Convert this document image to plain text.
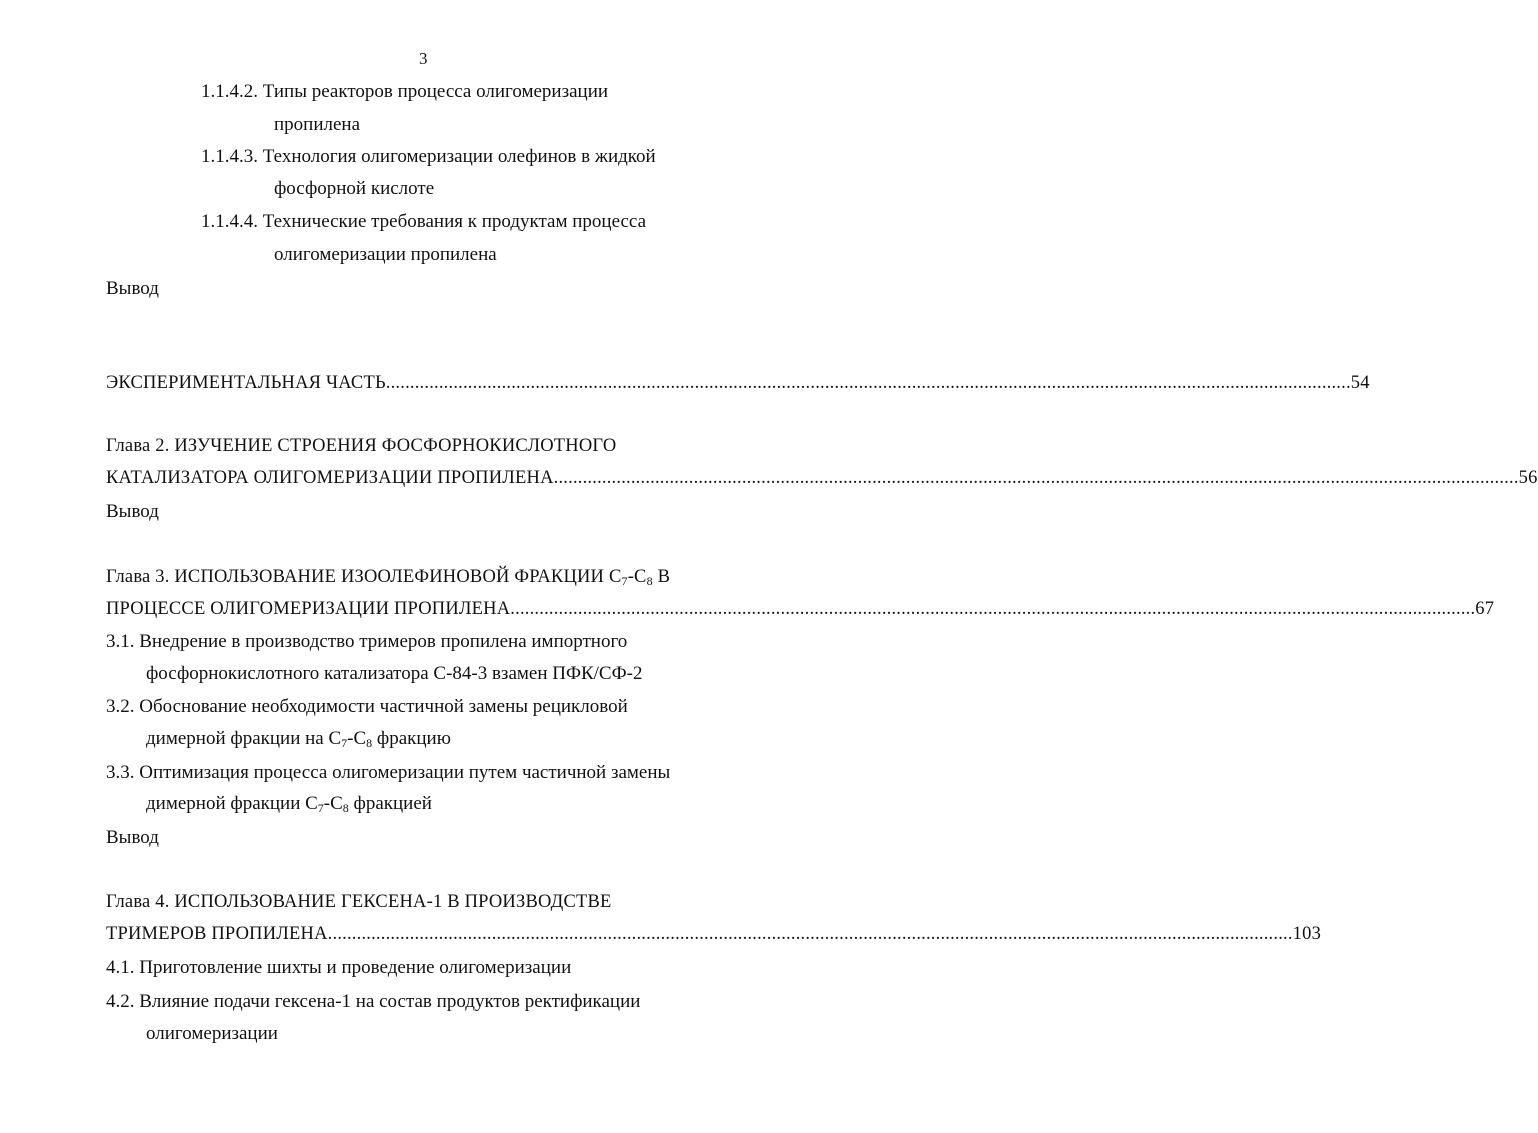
3
1.1.4.2. Типы реакторов процесса олигомеризации
пропилена
1.1.4.3. Технология олигомеризации олефинов в жидкой
фосфорной кислоте
1.1.4.4. Технические требования к продуктам процесса
олигомеризации пропилена
Вывод
ЭКСПЕРИМЕНТАЛЬНАЯ ЧАСТЬ ........................................................................................................................................................................................................ 54
Глава 2. ИЗУЧЕНИЕ СТРОЕНИЯ ФОСФОРНОКИСЛОТНОГО
КАТАЛИЗАТОРА ОЛИГОМЕРИЗАЦИИ ПРОПИЛЕНА ........................................................................................................................................................................................................ 56
Вывод
Глава 3. ИСПОЛЬЗОВАНИЕ ИЗООЛЕФИНОВОЙ ФРАКЦИИ $С_7-С_8$ В
ПРОЦЕССЕ ОЛИГОМЕРИЗАЦИИ ПРОПИЛЕНА ........................................................................................................................................................................................................ 67
3.1. Внедрение в производство тримеров пропилена импортного
фосфорнокислотного катализатора С-84-3 взамен ПФК/СФ-2
3.2. Обоснование необходимости частичной замены рецикловой
димерной фракции на $С_7-С_8$ фракцию
3.3. Оптимизация процесса олигомеризации путем частичной замены
димерной фракции $С_7-С_8$ фракцией
Вывод
Глава 4. ИСПОЛЬЗОВАНИЕ ГЕКСЕНА-1 В ПРОИЗВОДСТВЕ
ТРИМЕРОВ ПРОПИЛЕНА ........................................................................................................................................................................................................ 103
4.1. Приготовление шихты и проведение олигомеризации
4.2. Влияние подачи гексена-1 на состав продуктов ректификации
олигомеризации
